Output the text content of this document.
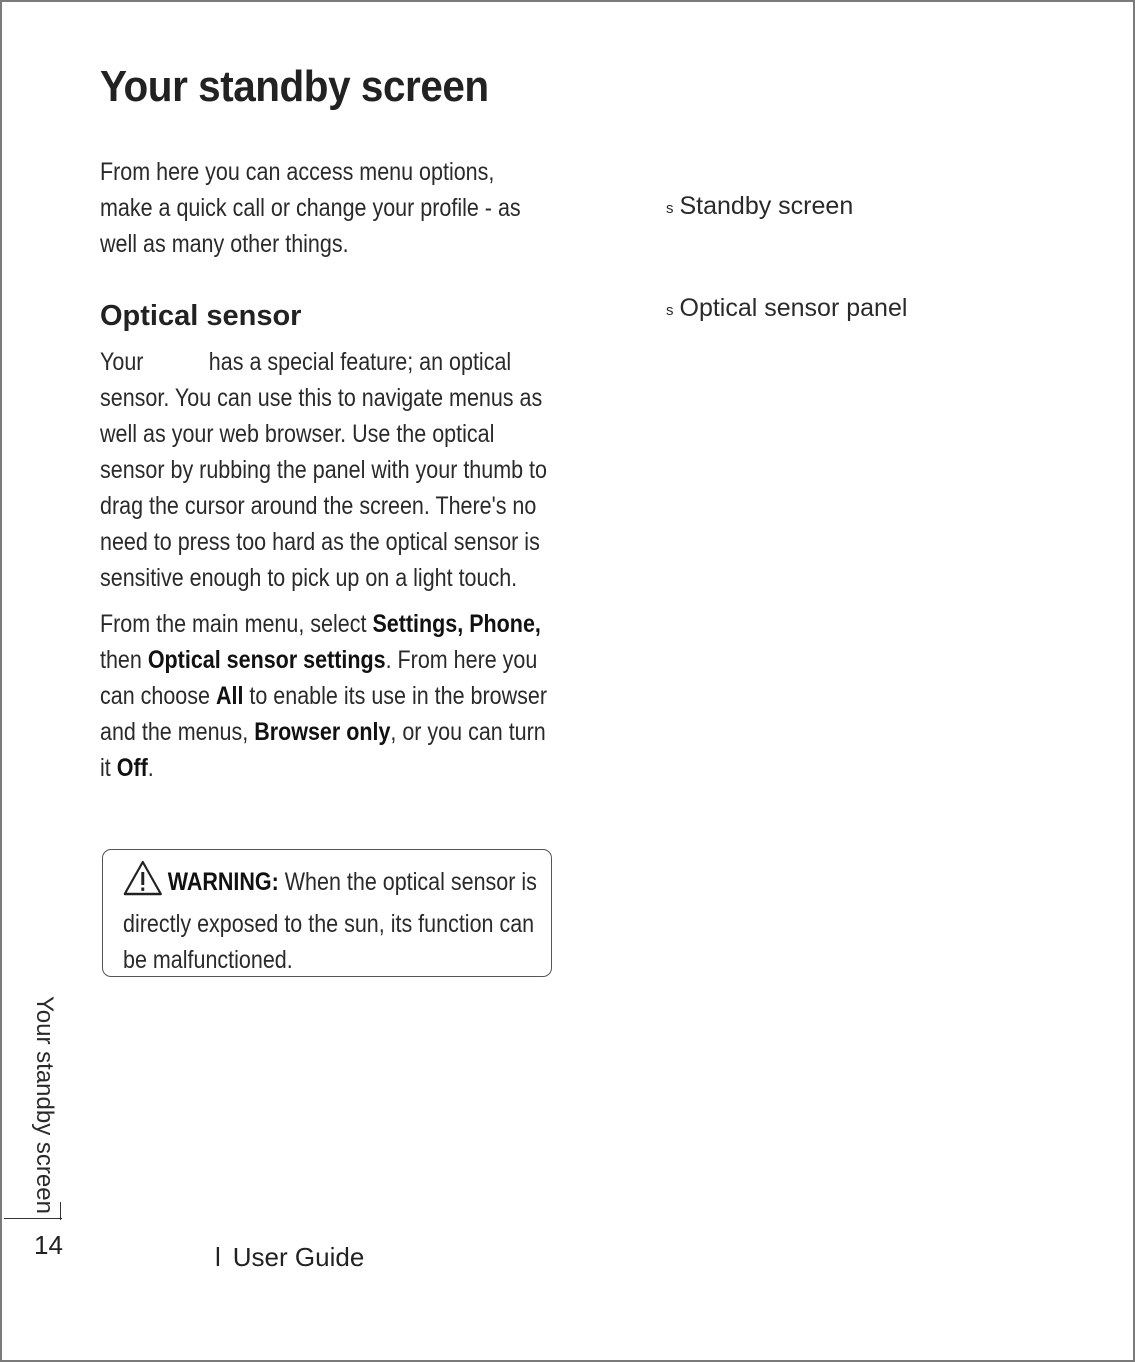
Your standby screen

From here you can access menu options, make a quick call or change your profile - as well as many other things.

Optical sensor

Your	has a special feature; an optical sensor. You can use this to navigate menus as well as your web browser. Use the optical sensor by rubbing the panel with your thumb to drag the cursor around the screen. There's no need to press too hard as the optical sensor is sensitive enough to pick up on a light touch.

From the main menu, select Settings, Phone, then Optical sensor settings. From here you can choose All to enable its use in the browser and the menus, Browser only, or you can turn it Off.

WARNING: When the optical sensor is directly exposed to the sun, its function can be malfunctioned.
s Standby screen
s Optical sensor panel
Your standby screen
14	l User Guide
